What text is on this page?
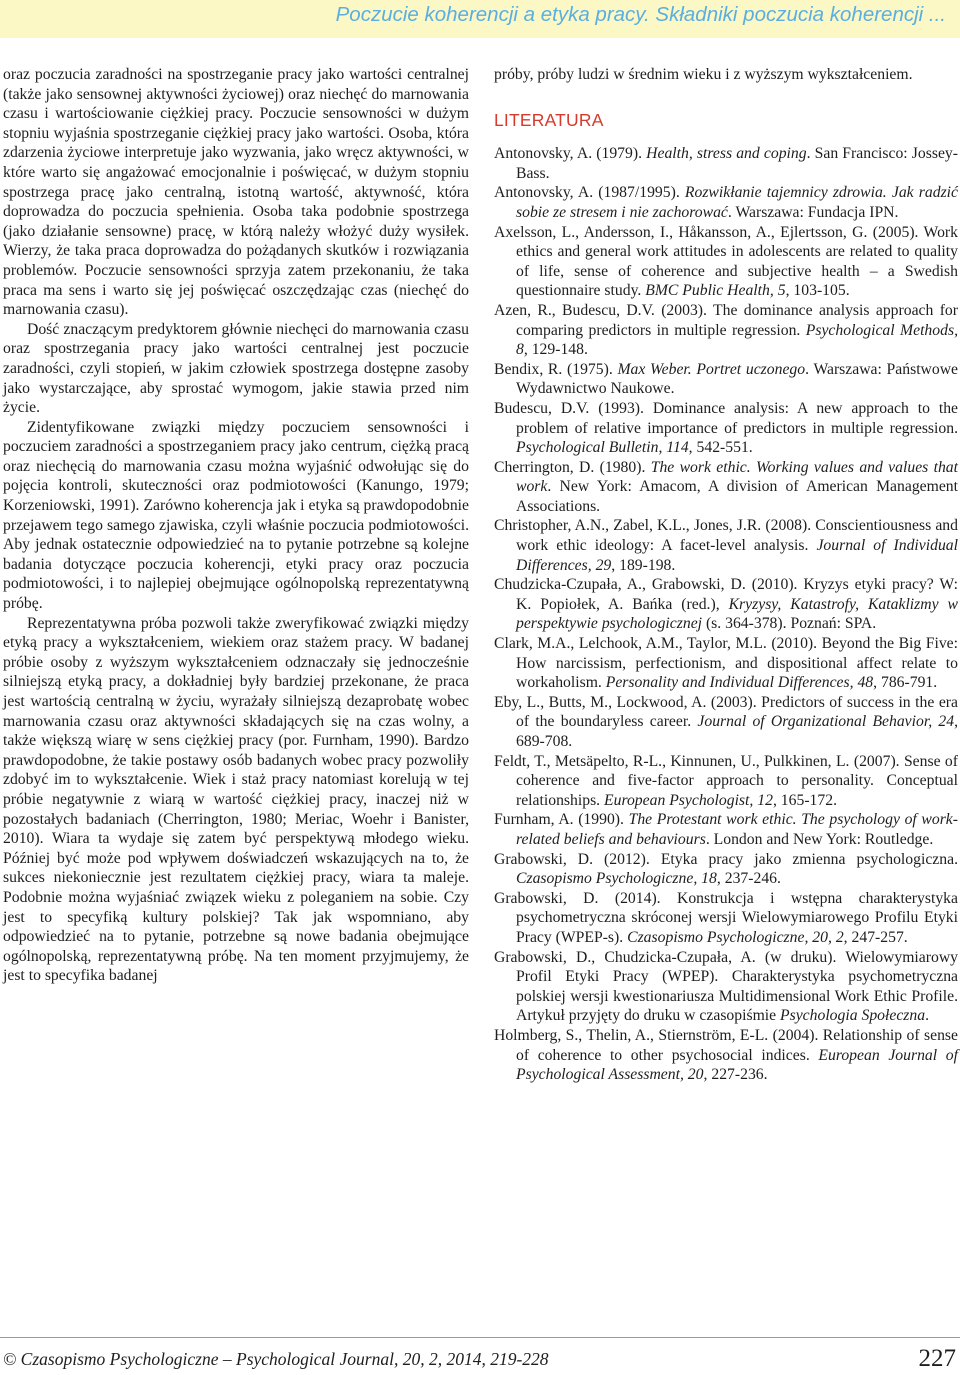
Poczucie koherencji a etyka pracy. Składniki poczucia koherencji ...

oraz poczucia zaradności na spostrzeganie pracy jako wartości centralnej (także jako sensownej aktywności życiowej) oraz niechęć do marnowania czasu i wartościowanie ciężkiej pracy. Poczucie sensowności w dużym stopniu wyjaśnia spostrzeganie ciężkiej pracy jako wartości. Osoba, która zdarzenia życiowe interpretuje jako wyzwania, jako wręcz aktywności, w które warto się angażować emocjonalnie i poświęcać, w dużym stopniu spostrzega pracę jako centralną, istotną wartość, aktywność, która doprowadza do poczucia spełnienia. Osoba taka podobnie spostrzega (jako działanie sensowne) pracę, w którą należy włożyć duży wysiłek. Wierzy, że taka praca doprowadza do pożądanych skutków i rozwiązania problemów. Poczucie sensowności sprzyja zatem przekonaniu, że taka praca ma sens i warto się jej poświęcać oszczędzając czas (niechęć do marnowania czasu).

Dość znaczącym predyktorem głównie niechęci do marnowania czasu oraz spostrzegania pracy jako wartości centralnej jest poczucie zaradności, czyli stopień, w jakim człowiek spostrzega dostępne zasoby jako wystarczające, aby sprostać wymogom, jakie stawia przed nim życie.

Zidentyfikowane związki między poczuciem sensowności i poczuciem zaradności a spostrzeganiem pracy jako centrum, ciężką pracą oraz niechęcią do marnowania czasu można wyjaśnić odwołując się do pojęcia kontroli, skuteczności oraz podmiotowości (Kanungo, 1979; Korzeniowski, 1991). Zarówno koherencja jak i etyka są prawdopodobnie przejawem tego samego zjawiska, czyli właśnie poczucia podmiotowości. Aby jednak ostatecznie odpowiedzieć na to pytanie potrzebne są kolejne badania dotyczące poczucia koherencji, etyki pracy oraz poczucia podmiotowości, i to najlepiej obejmujące ogólnopolską reprezentatywną próbę.

Reprezentatywna próba pozwoli także zweryfikować związki między etyką pracy a wykształceniem, wiekiem oraz stażem pracy. W badanej próbie osoby z wyższym wykształceniem odznaczały się jednocześnie silniejszą etyką pracy, a dokładniej były bardziej przekonane, że praca jest wartością centralną w życiu, wyrażały silniejszą dezaprobatę wobec marnowania czasu oraz aktywności składających się na czas wolny, a także większą wiarę w sens ciężkiej pracy (por. Furnham, 1990). Bardzo prawdopodobne, że takie postawy osób badanych wobec pracy pozwoliły zdobyć im to wykształcenie. Wiek i staż pracy natomiast korelują w tej próbie negatywnie z wiarą w wartość ciężkiej pracy, inaczej niż w pozostałych badaniach (Cherrington, 1980; Meriac, Woehr i Banister, 2010). Wiara ta wydaje się zatem być perspektywą młodego wieku. Później być może pod wpływem doświadczeń wskazujących na to, że sukces niekoniecznie jest rezultatem ciężkiej pracy, wiara ta maleje. Podobnie można wyjaśniać związek wieku z poleganiem na sobie. Czy jest to specyfiką kultury polskiej? Tak jak wspomniano, aby odpowiedzieć na to pytanie, potrzebne są nowe badania obejmujące ogólnopolską, reprezentatywną próbę. Na ten moment przyjmujemy, że jest to specyfika badanej

próby, próby ludzi w średnim wieku i z wyższym wykształceniem.

LITERATURA

Antonovsky, A. (1979). Health, stress and coping. San Francisco: Jossey-Bass.

Antonovsky, A. (1987/1995). Rozwikłanie tajemnicy zdrowia. Jak radzić sobie ze stresem i nie zachorować. Warszawa: Fundacja IPN.

Axelsson, L., Andersson, I., Håkansson, A., Ejlertsson, G. (2005). Work ethics and general work attitudes in adolescents are related to quality of life, sense of coherence and subjective health – a Swedish questionnaire study. BMC Public Health, 5, 103-105.

Azen, R., Budescu, D.V. (2003). The dominance analysis approach for comparing predictors in multiple regression. Psychological Methods, 8, 129-148.

Bendix, R. (1975). Max Weber. Portret uczonego. Warszawa: Państwowe Wydawnictwo Naukowe.

Budescu, D.V. (1993). Dominance analysis: A new approach to the problem of relative importance of predictors in multiple regression. Psychological Bulletin, 114, 542-551.

Cherrington, D. (1980). The work ethic. Working values and values that work. New York: Amacom, A division of American Management Associations.

Christopher, A.N., Zabel, K.L., Jones, J.R. (2008). Conscientiousness and work ethic ideology: A facet-level analysis. Journal of Individual Differences, 29, 189-198.

Chudzicka-Czupała, A., Grabowski, D. (2010). Kryzys etyki pracy? W: K. Popiołek, A. Bańka (red.), Kryzysy, Katastrofy, Kataklizmy w perspektywie psychologicznej (s. 364-378). Poznań: SPA.

Clark, M.A., Lelchook, A.M., Taylor, M.L. (2010). Beyond the Big Five: How narcissism, perfectionism, and dispositional affect relate to workaholism. Personality and Individual Differences, 48, 786-791.

Eby, L., Butts, M., Lockwood, A. (2003). Predictors of success in the era of the boundaryless career. Journal of Organizational Behavior, 24, 689-708.

Feldt, T., Metsäpelto, R-L., Kinnunen, U., Pulkkinen, L. (2007). Sense of coherence and five-factor approach to personality. Conceptual relationships. European Psychologist, 12, 165-172.

Furnham, A. (1990). The Protestant work ethic. The psychology of work-related beliefs and behaviours. London and New York: Routledge.

Grabowski, D. (2012). Etyka pracy jako zmienna psychologiczna. Czasopismo Psychologiczne, 18, 237-246.

Grabowski, D. (2014). Konstrukcja i wstępna charakterystyka psychometryczna skróconej wersji Wielowymiarowego Profilu Etyki Pracy (WPEP-s). Czasopismo Psychologiczne, 20, 2, 247-257.

Grabowski, D., Chudzicka-Czupała, A. (w druku). Wielowymiarowy Profil Etyki Pracy (WPEP). Charakterystyka psychometryczna polskiej wersji kwestionariusza Multidimensional Work Ethic Profile. Artykuł przyjęty do druku w czasopiśmie Psychologia Społeczna.

Holmberg, S., Thelin, A., Stiernström, E-L. (2004). Relationship of sense of coherence to other psychosocial indices. European Journal of Psychological Assessment, 20, 227-236.

© Czasopismo Psychologiczne – Psychological Journal, 20, 2, 2014, 219-228	227
